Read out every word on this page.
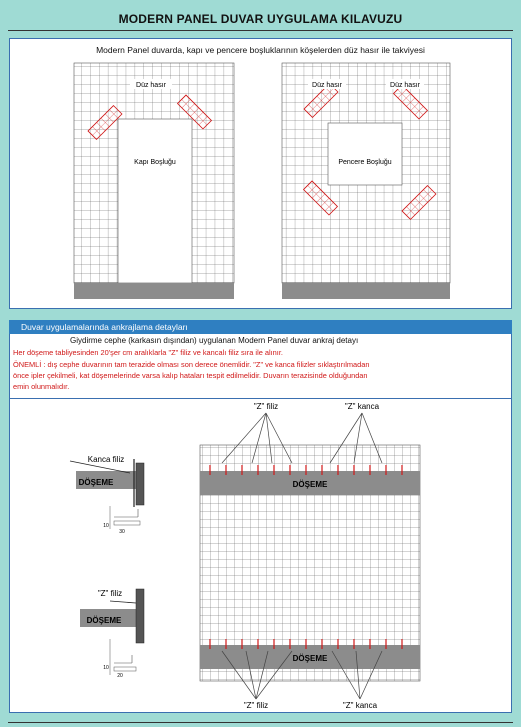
MODERN PANEL DUVAR UYGULAMA KILAVUZU
Modern Panel duvarda, kapı ve pencere boşluklarının köşelerden düz hasır ile takviyesi
Düz hasır
Kapı Boşluğu
Düz hasır	Düz hasır
Pencere Boşluğu
Duvar uygulamalarında ankrajlama detayları
Giydirme cephe (karkasın dışından) uygulanan Modern Panel duvar ankraj detayı
Her döşeme tabliyesinden 20'şer cm aralıklarla "Z" filiz ve kancalı filiz sıra ile alınır.
ÖNEMLİ : dış cephe duvarının tam terazide olması son derece önemlidir. "Z" ve kanca filizler sıklaştırılmadan
önce ipler çekilmeli, kat döşemelerinde varsa kalıp hataları tespit edilmelidir. Duvarın terazisinde olduğundan
emin olunmalıdır.
Kanca filiz
DÖŞEME
10
30
"Z" filiz
DÖŞEME
10
20
"Z" filiz	"Z" kanca
DÖŞEME
DÖŞEME
"Z" filiz	"Z" kanca
